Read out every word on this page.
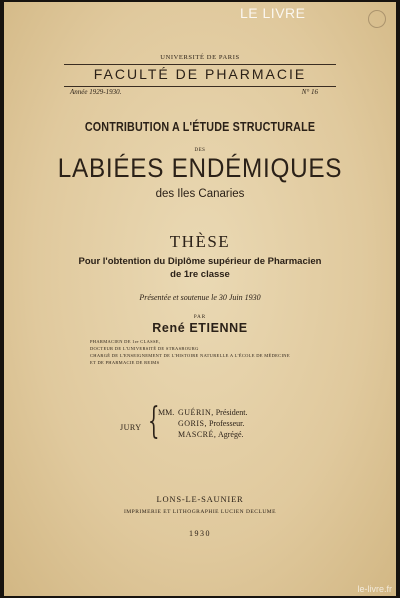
LE LIVRE
UNIVERSITÉ DE PARIS
FACULTÉ DE PHARMACIE
Année 1929-1930.	N° 16
CONTRIBUTION A L'ÉTUDE STRUCTURALE
DES
LABIÉES ENDÉMIQUES
des Iles Canaries
THÈSE
Pour l'obtention du Diplôme supérieur de Pharmacien
de 1re classe
Présentée et soutenue le 30 Juin 1930
PAR
René ETIENNE
PHARMACIEN DE 1re CLASSE,
DOCTEUR DE L'UNIVERSITÉ DE STRASBOURG
CHARGÉ DE L'ENSEIGNEMENT DE L'HISTOIRE NATURELLE A L'ÉCOLE DE MÉDECINE
ET DE PHARMACIE DE REIMS
JURY {
MM. GUÉRIN, Président.
GORIS, Professeur.
MASCRÉ, Agrégé.
LONS-LE-SAUNIER
IMPRIMERIE ET LITHOGRAPHIE LUCIEN DECLUME
1930
le-livre.fr
